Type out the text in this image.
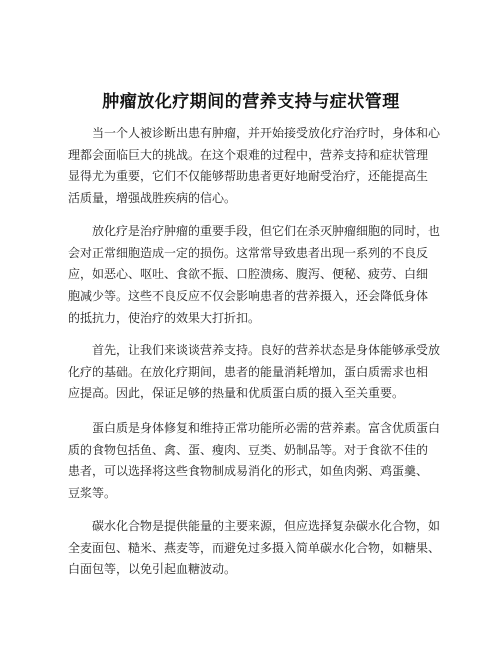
肿瘤放化疗期间的营养支持与症状管理
当一个人被诊断出患有肿瘤，并开始接受放化疗治疗时，身体和心
理都会面临巨大的挑战。在这个艰难的过程中，营养支持和症状管理
显得尤为重要，它们不仅能够帮助患者更好地耐受治疗，还能提高生
活质量，增强战胜疾病的信心。
放化疗是治疗肿瘤的重要手段，但它们在杀灭肿瘤细胞的同时，也
会对正常细胞造成一定的损伤。这常常导致患者出现一系列的不良反
应，如恶心、呕吐、食欲不振、口腔溃疡、腹泻、便秘、疲劳、白细
胞减少等。这些不良反应不仅会影响患者的营养摄入，还会降低身体
的抵抗力，使治疗的效果大打折扣。
首先，让我们来谈谈营养支持。良好的营养状态是身体能够承受放
化疗的基础。在放化疗期间，患者的能量消耗增加，蛋白质需求也相
应提高。因此，保证足够的热量和优质蛋白质的摄入至关重要。
蛋白质是身体修复和维持正常功能所必需的营养素。富含优质蛋白
质的食物包括鱼、禽、蛋、瘦肉、豆类、奶制品等。对于食欲不佳的
患者，可以选择将这些食物制成易消化的形式，如鱼肉粥、鸡蛋羹、
豆浆等。
碳水化合物是提供能量的主要来源，但应选择复杂碳水化合物，如
全麦面包、糙米、燕麦等，而避免过多摄入简单碳水化合物，如糖果、
白面包等，以免引起血糖波动。
